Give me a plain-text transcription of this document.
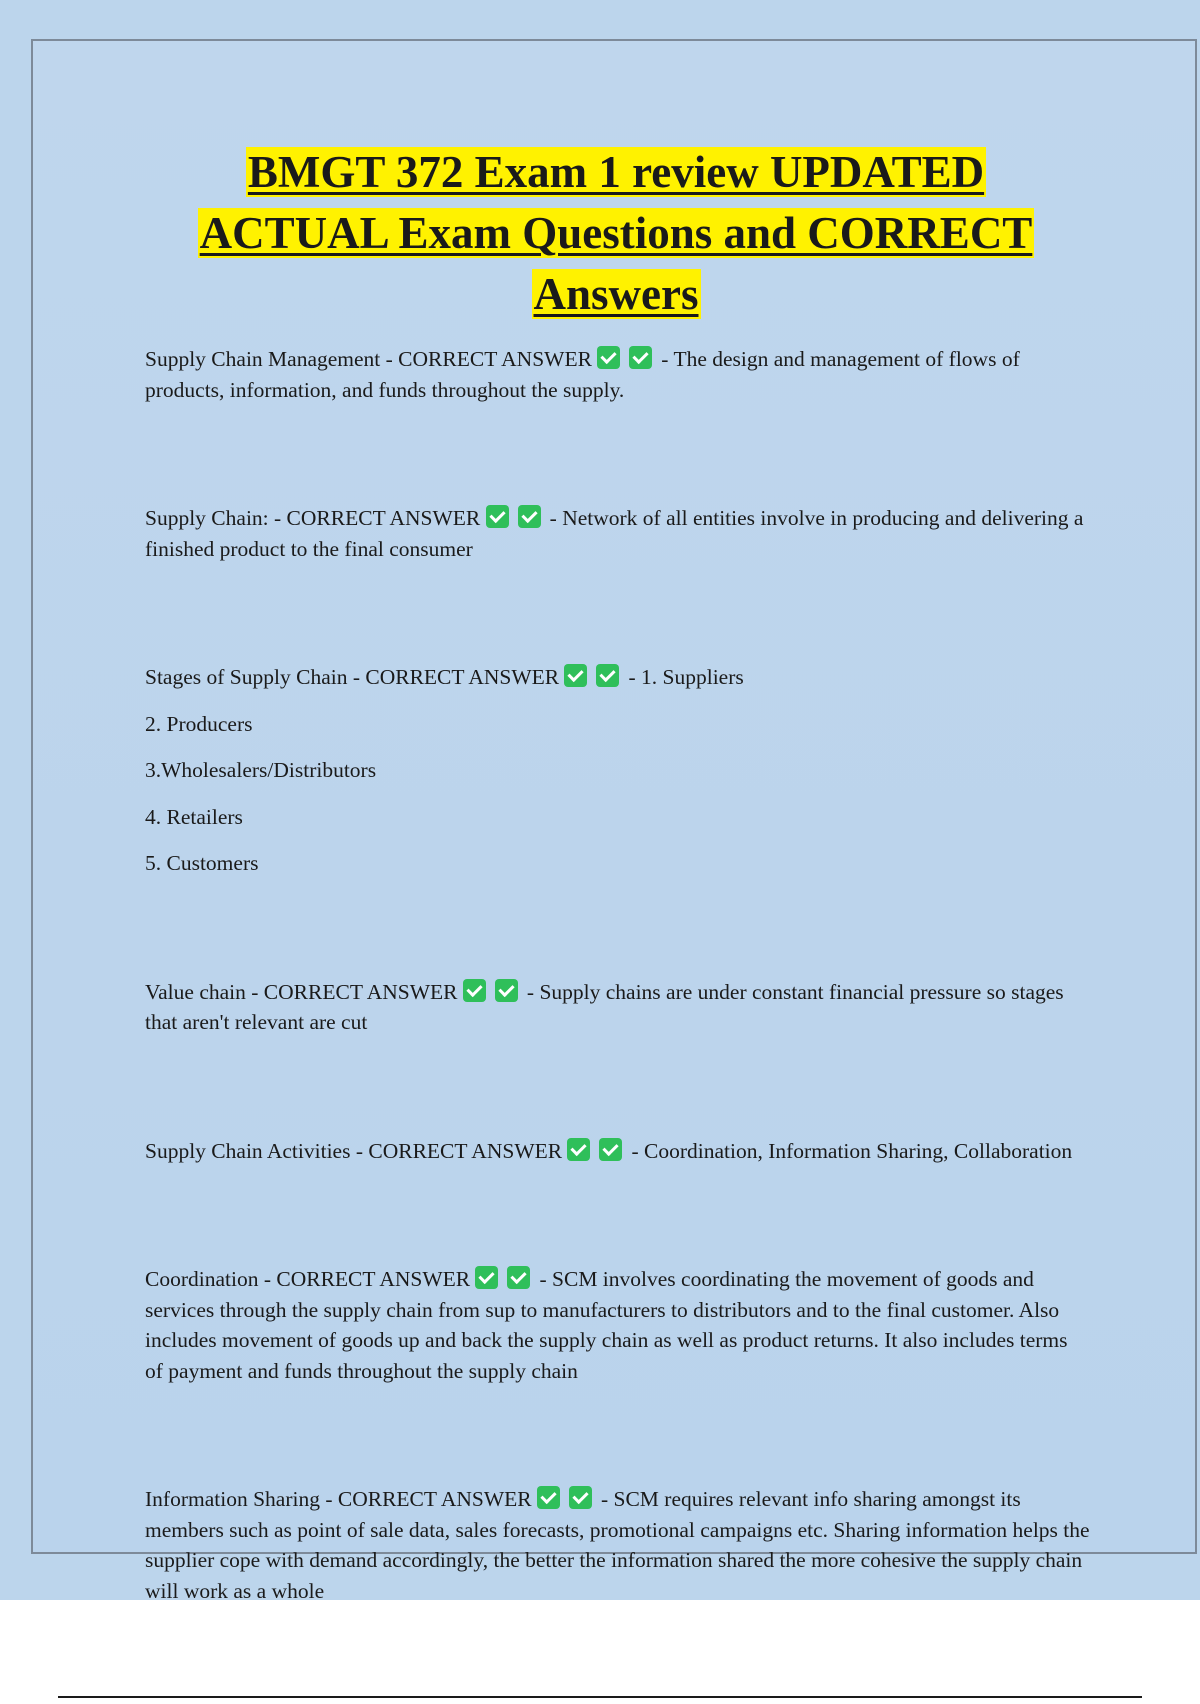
BMGT 372 Exam 1 review UPDATED
ACTUAL Exam Questions and CORRECT
Answers

Supply Chain Management - CORRECT ANSWER	- The design and management of flows of products, information, and funds throughout the supply.

Supply Chain: - CORRECT ANSWER	- Network of all entities involve in producing and delivering a finished product to the final consumer

Stages of Supply Chain - CORRECT ANSWER	- 1. Suppliers

2. Producers

3.Wholesalers/Distributors

4. Retailers

5. Customers

Value chain - CORRECT ANSWER	- Supply chains are under constant financial pressure so stages that aren't relevant are cut

Supply Chain Activities - CORRECT ANSWER	- Coordination, Information Sharing, Collaboration

Coordination - CORRECT ANSWER	- SCM involves coordinating the movement of goods and services through the supply chain from sup to manufacturers to distributors and to the final customer. Also includes movement of goods up and back the supply chain as well as product returns. It also includes terms of payment and funds throughout the supply chain

Information Sharing - CORRECT ANSWER	- SCM requires relevant info sharing amongst its members such as point of sale data, sales forecasts, promotional campaigns etc. Sharing information helps the supplier cope with demand accordingly, the better the information shared the more cohesive the supply chain will work as a whole
